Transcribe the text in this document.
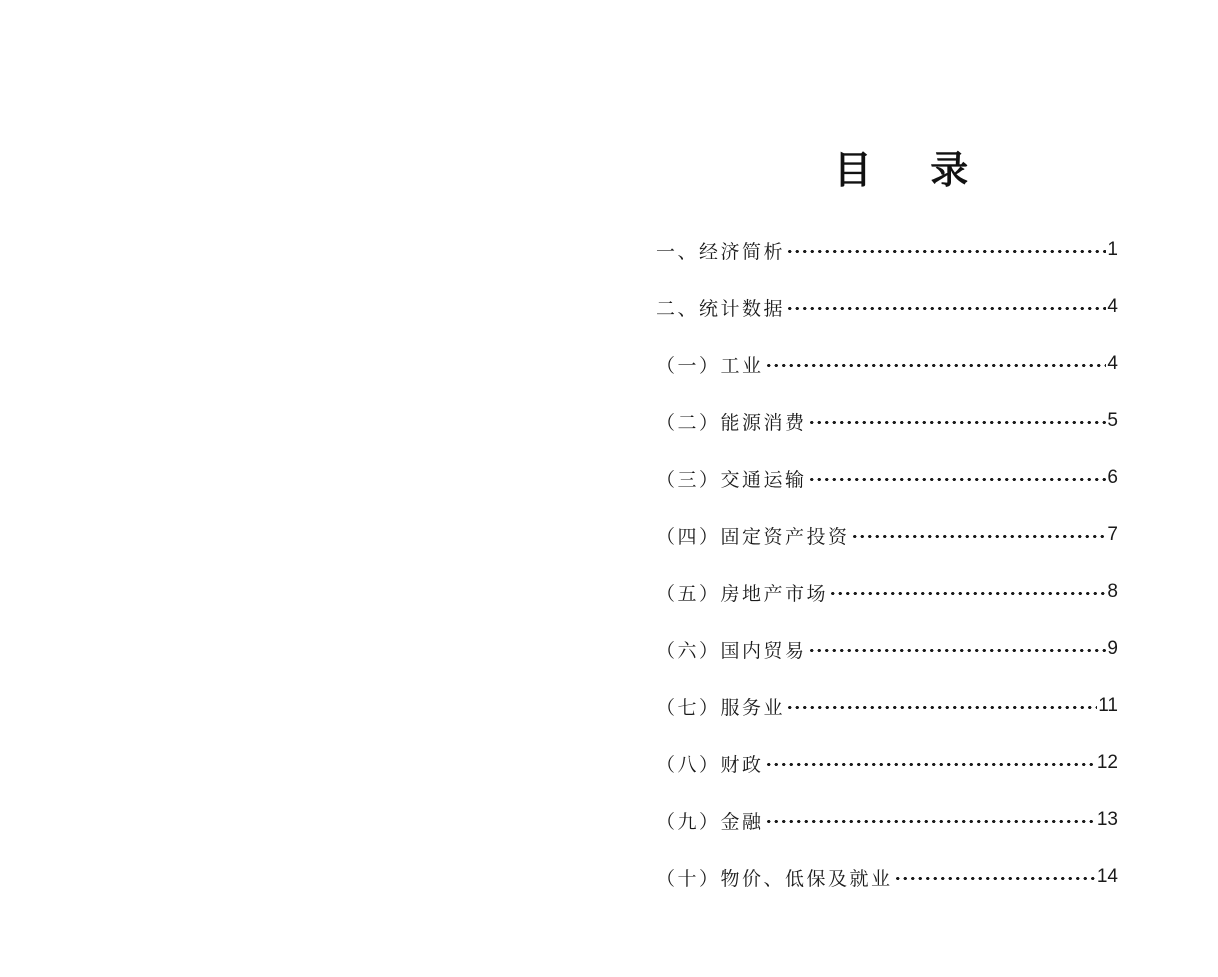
目 录
一、经济简析	1
二、统计数据	4
（一）工业	4
（二）能源消费	5
（三）交通运输	6
（四）固定资产投资	7
（五）房地产市场	8
（六）国内贸易	9
（七）服务业	11
（八）财政	12
（九）金融	13
（十）物价、低保及就业	14
